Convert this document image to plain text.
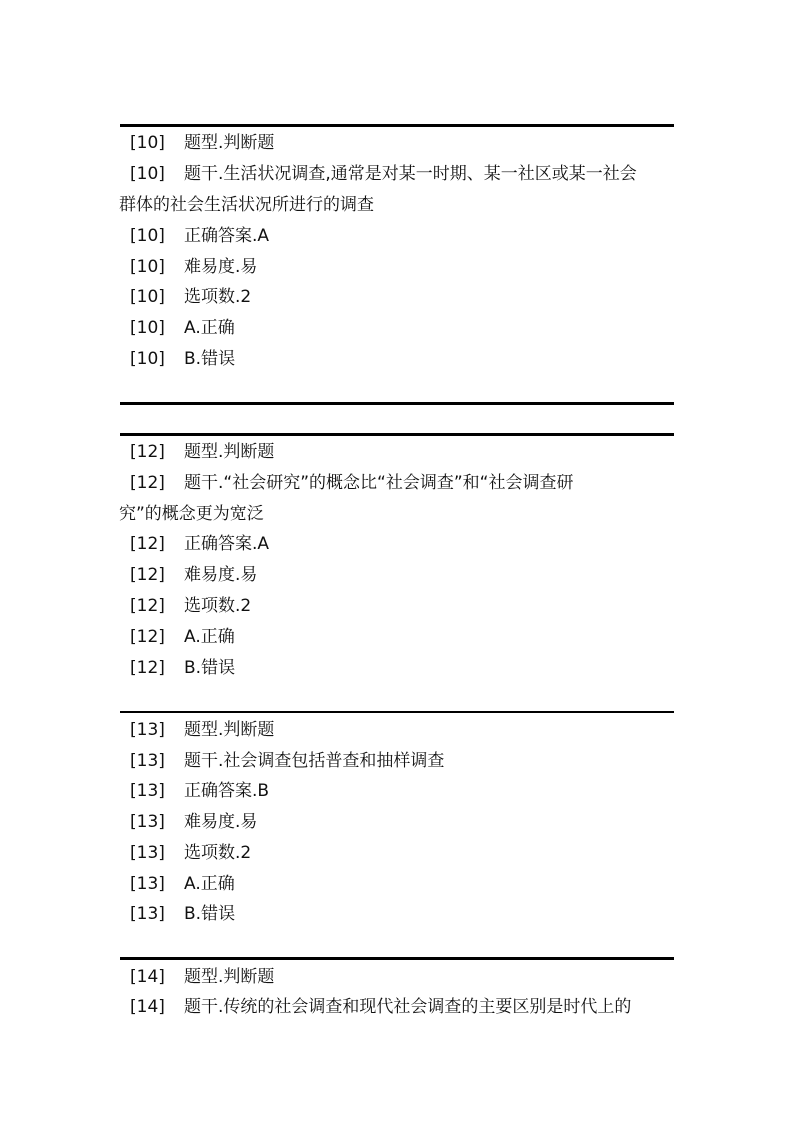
[10] 题型.判断题
[10] 题干.生活状况调查,通常是对某一时期、某一社区或某一社会
群体的社会生活状况所进行的调查
[10] 正确答案.A
[10] 难易度.易
[10] 选项数.2
[10] A.正确
[10] B.错误
[12] 题型.判断题
[12] 题干.“社会研究”的概念比“社会调查”和“社会调查研
究”的概念更为宽泛
[12] 正确答案.A
[12] 难易度.易
[12] 选项数.2
[12] A.正确
[12] B.错误
[13] 题型.判断题
[13] 题干.社会调查包括普查和抽样调查
[13] 正确答案.B
[13] 难易度.易
[13] 选项数.2
[13] A.正确
[13] B.错误
[14] 题型.判断题
[14] 题干.传统的社会调查和现代社会调查的主要区别是时代上的
